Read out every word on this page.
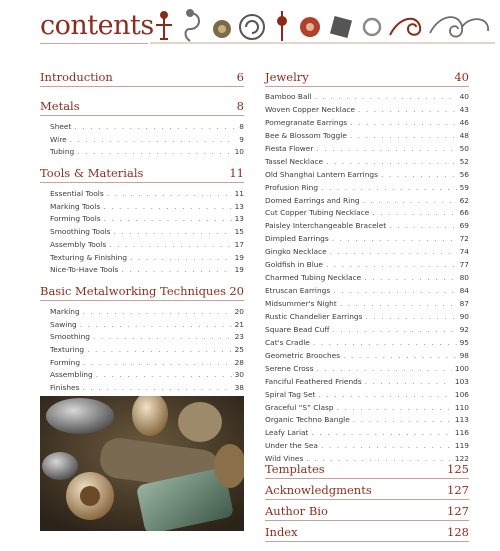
contents
Introduction	6
Metals	8
Sheet . . .	8
Wire . . .	9
Tubing . . .	10
Tools & Materials	11
Essential Tools . . .	11
Marking Tools . . .	13
Forming Tools . . .	13
Smoothing Tools . . .	15
Assembly Tools . . .	17
Texturing & Finishing . . .	19
Nice-To-Have Tools . . .	19
Basic Metalworking Techniques 20
Marking . . .	20
Sawing . . .	21
Smoothing . . .	23
Texturing . . .	25
Forming . . .	28
Assembling . . .	30
Finishes . . .	38
. . .
Jewelry	40
Bamboo Ball . . .	40
Woven Copper Necklace . . .	43
Pomegranate Earrings . . .	46
Bee & Blossom Toggle . . .	48
Fiesta Flower . . .	50
Tassel Necklace . . .	52
Old Shanghai Lantern Earrings . . .	56
Profusion Ring . . .	59
Domed Earrings and Ring . . .	62
Cut Copper Tubing Necklace . . .	66
Paisley Interchangeable Bracelet . . .	69
Dimpled Earrings . . .	72
Gingko Necklace . . .	74
Goldfish in Blue . . .	77
Charmed Tubing Necklace . . .	80
Etruscan Earrings . . .	84
Midsummer's Night . . .	87
Rustic Chandelier Earrings . . .	90
Square Bead Cuff . . .	92
Cat's Cradle . . .	95
Geometric Brooches . . .	98
Serene Cross . . .	100
Fanciful Feathered Friends . . .	103
Spiral Tag Set . . .	106
Graceful “S” Clasp . . .	110
Organic Techno Bangle . . .	113
Leafy Lariat . . .	116
Under the Sea . . .	119
Wild Vines . . .	122
Templates	125
Acknowledgments	127
Author Bio	127
Index	128
